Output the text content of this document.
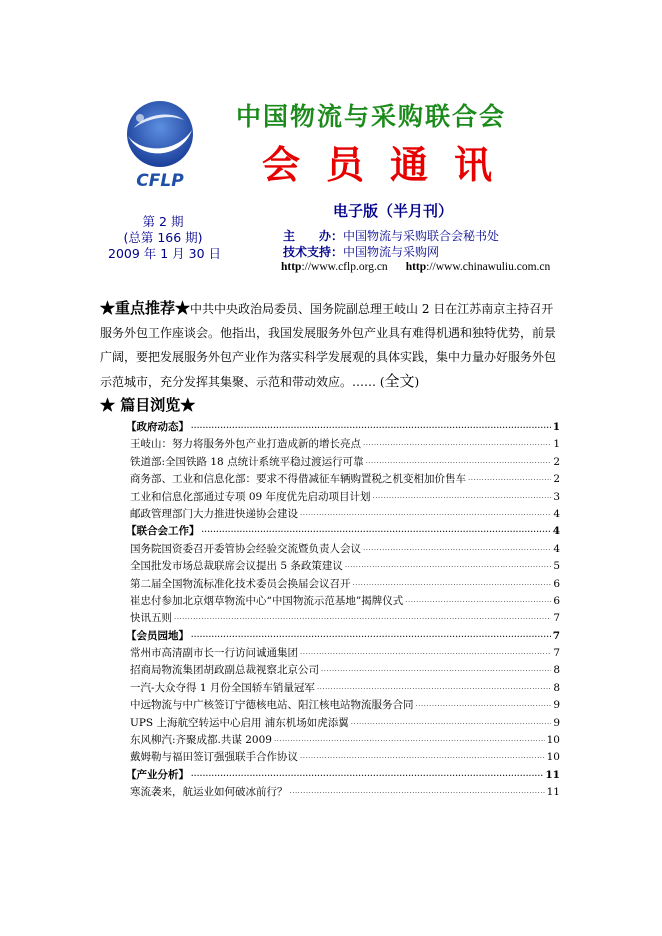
CFLP
中国物流与采购联合会
会员通讯
第 2 期
(总第 166 期)
2009 年 1 月 30 日
电子版（半月刊）
主　　办：中国物流与采购联合会秘书处
技术支持：中国物流与采购网
http://www.cflp.org.cn http://www.chinawuliu.com.cn
★重点推荐★中共中央政治局委员、国务院副总理王岐山 2 日在江苏南京主持召开服务外包工作座谈会。他指出，我国发展服务外包产业具有难得机遇和独特优势，前景广阔，要把发展服务外包产业作为落实科学发展观的具体实践，集中力量办好服务外包示范城市，充分发挥其集聚、示范和带动效应。…… (全文)
★ 篇目浏览★
【政府动态】 ·····	1
王岐山：努力将服务外包产业打造成新的增长亮点 ·····	1
铁道部:全国铁路 18 点统计系统平稳过渡运行可靠 ·····	2
商务部、工业和信息化部：要求不得借减征车辆购置税之机变相加价售车 ·····	2
工业和信息化部通过专项 09 年度优先启动项目计划 ·····	3
邮政管理部门大力推进快递协会建设 ·····	4
【联合会工作】 ·····	4
国务院国资委召开委管协会经验交流暨负责人会议 ·····	4
全国批发市场总裁联席会议提出 5 条政策建议 ·····	5
第二届全国物流标准化技术委员会换届会议召开 ·····	6
崔忠付参加北京烟草物流中心“中国物流示范基地”揭牌仪式 ·····	6
快讯五则 ·····	7
【会员园地】 ·····	7
常州市高清副市长一行访问诚通集团 ·····	7
招商局物流集团胡政副总裁视察北京公司 ·····	8
一汽-大众夺得 1 月份全国轿车销量冠军 ·····	8
中远物流与中广核签订宁德核电站、阳江核电站物流服务合同 ·····	9
UPS 上海航空转运中心启用 浦东机场如虎添翼 ·····	9
东风柳汽:齐聚成都.共谋 2009 ·····	10
戴姆勒与福田签订强强联手合作协议 ·····	10
【产业分析】 ·····	11
寒流袭来，航运业如何破冰前行？ ·····	11
